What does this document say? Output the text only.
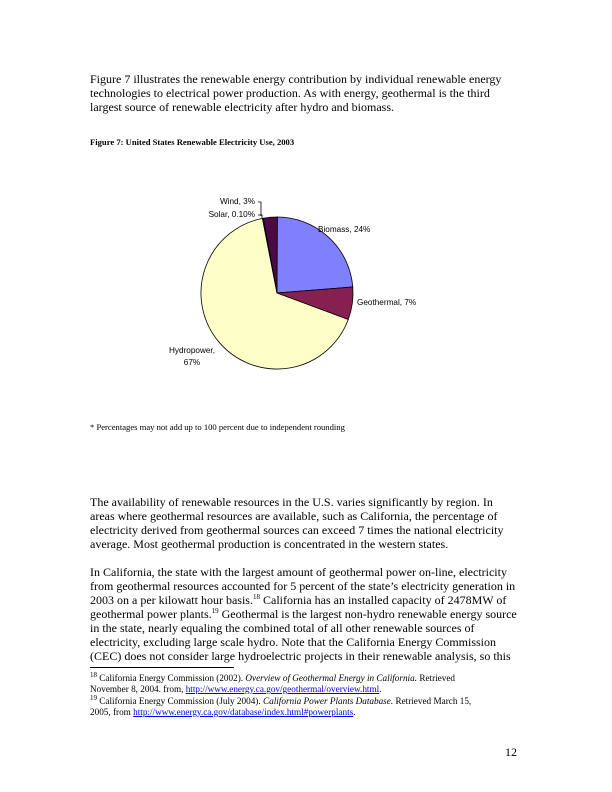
Figure 7 illustrates the renewable energy contribution by individual renewable energy
technologies to electrical power production. As with energy, geothermal is the third
largest source of renewable electricity after hydro and biomass.

Figure 7: United States Renewable Electricity Use, 2003
Wind, 3%
Solar, 0.10%
Biomass, 24%
Geothermal, 7%
Hydropower,
67%
* Percentages may not add up to 100 percent due to independent rounding

The availability of renewable resources in the U.S. varies significantly by region. In
areas where geothermal resources are available, such as California, the percentage of
electricity derived from geothermal sources can exceed 7 times the national electricity
average. Most geothermal production is concentrated in the western states.

In California, the state with the largest amount of geothermal power on-line, electricity
from geothermal resources accounted for 5 percent of the state’s electricity generation in
2003 on a per kilowatt hour basis.$^{18}$ California has an installed capacity of 2478MW of
geothermal power plants.$^{19}$ Geothermal is the largest non-hydro renewable energy source
in the state, nearly equaling the combined total of all other renewable sources of
electricity, excluding large scale hydro. Note that the California Energy Commission
(CEC) does not consider large hydroelectric projects in their renewable analysis, so this

$^{18}$ California Energy Commission (2002). Overview of Geothermal Energy in California. Retrieved
November 8, 2004. from, http://www.energy.ca.gov/geothermal/overview.html.

$^{19}$ California Energy Commission (July 2004). California Power Plants Database. Retrieved March 15,
2005, from http://www.energy.ca.gov/database/index.html#powerplants.

12
